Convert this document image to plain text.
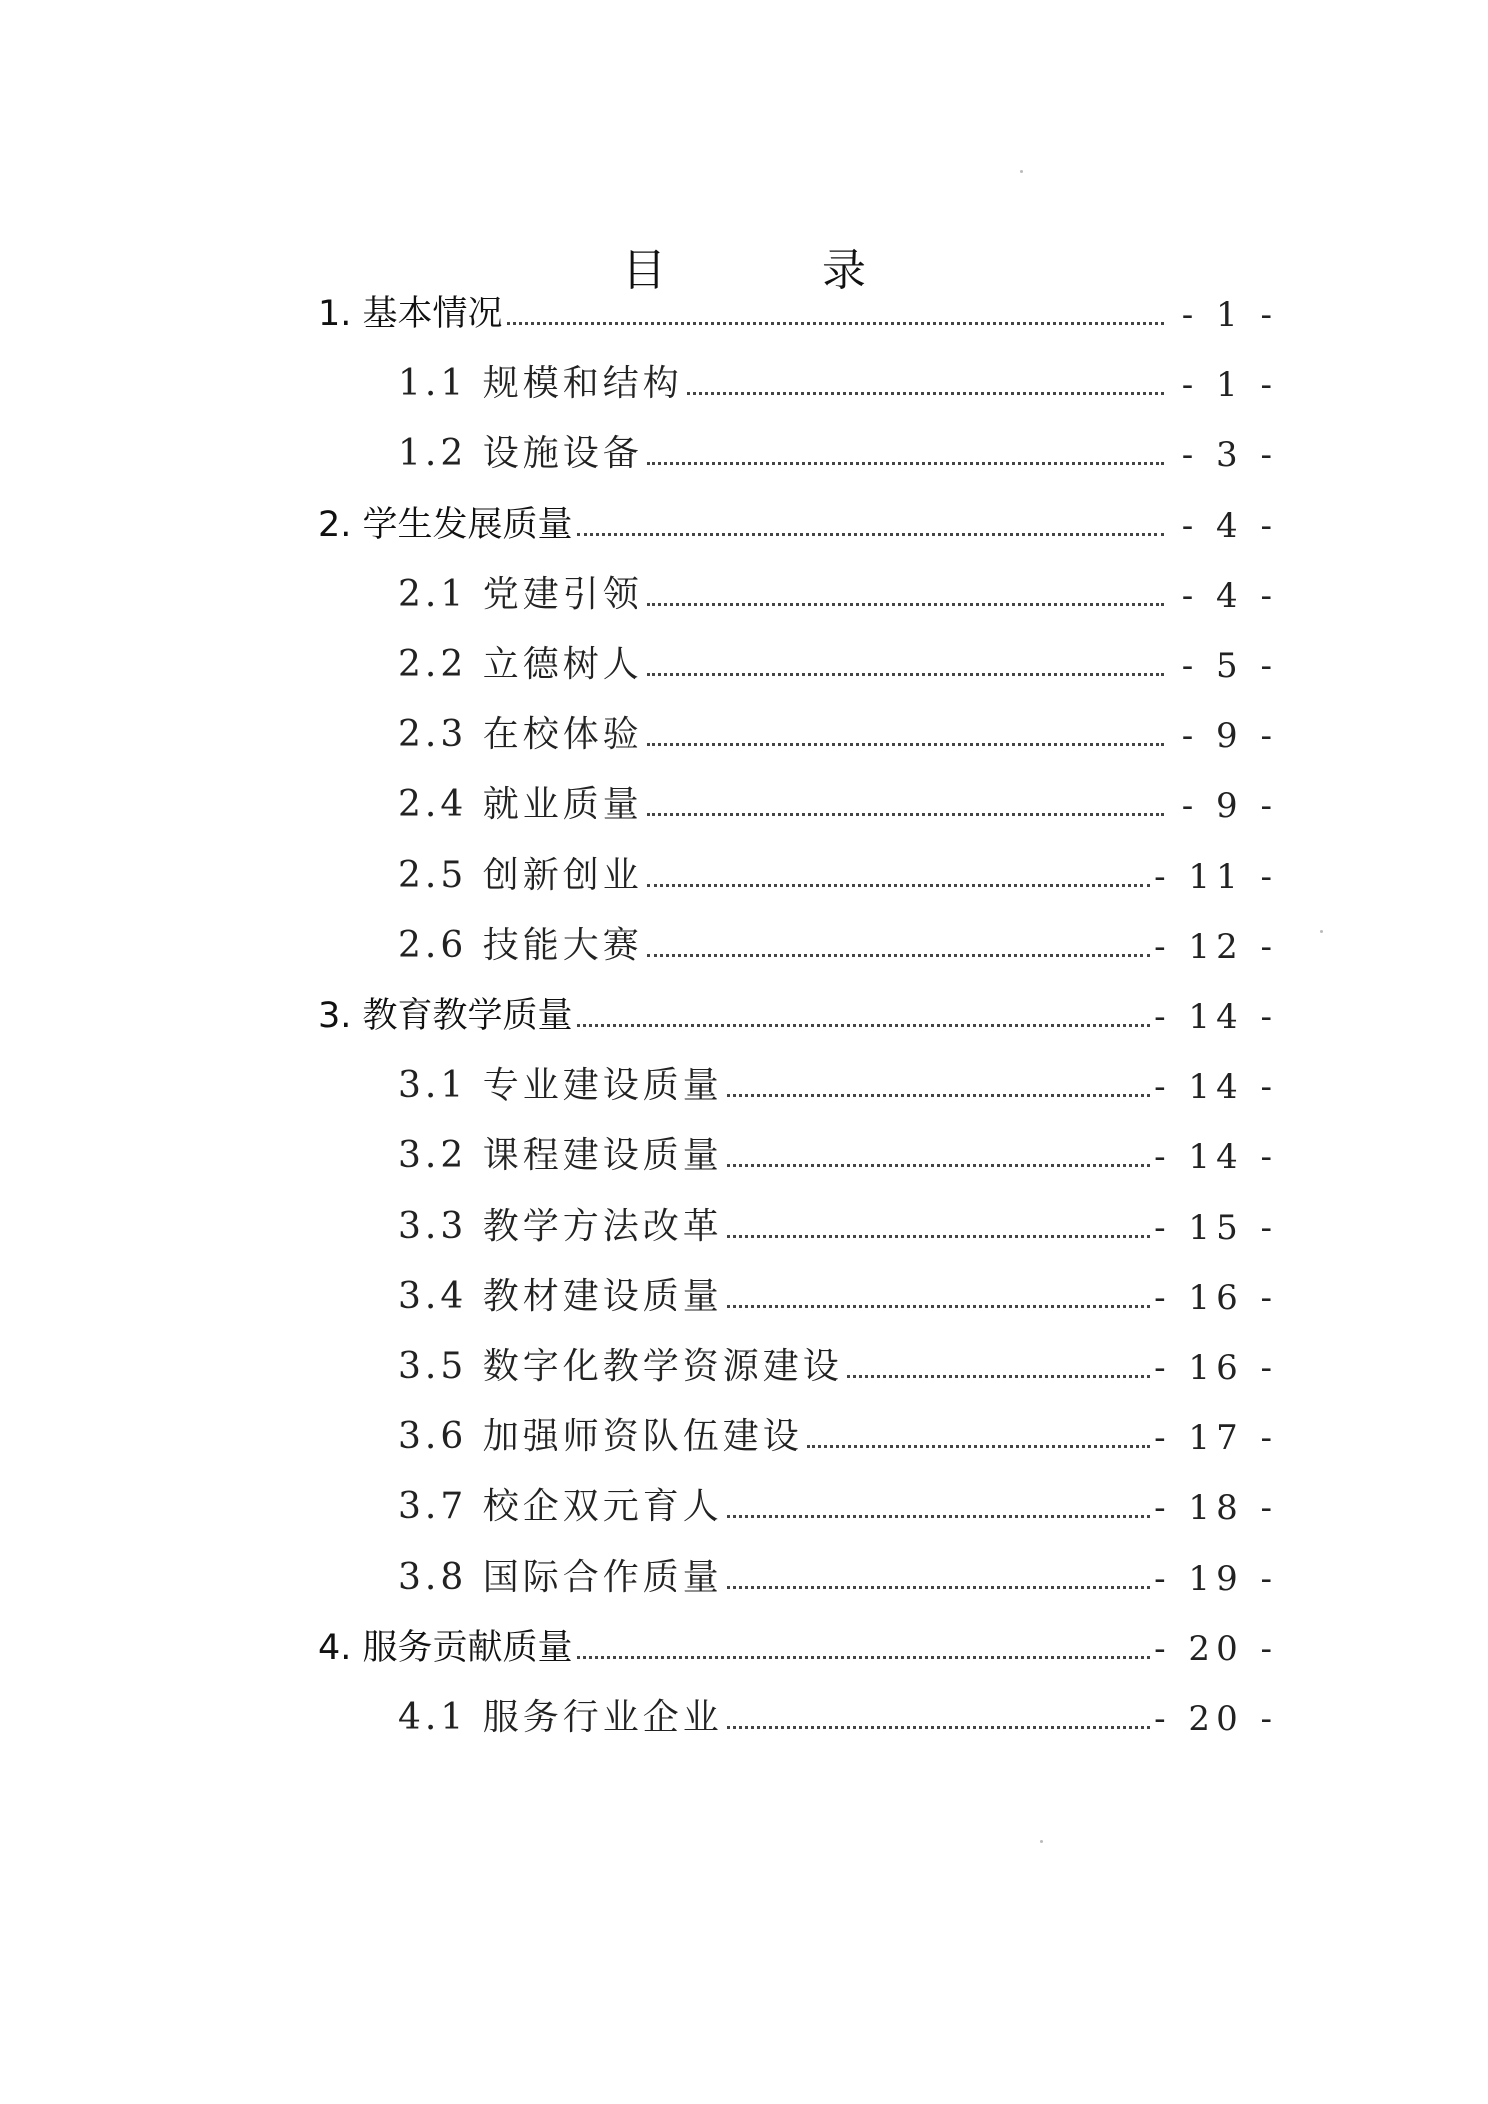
目　录
1. 基本情况	- 1 -
1.1 规模和结构	- 1 -
1.2 设施设备	- 3 -
2. 学生发展质量	- 4 -
2.1 党建引领	- 4 -
2.2 立德树人	- 5 -
2.3 在校体验	- 9 -
2.4 就业质量	- 9 -
2.5 创新创业	- 11 -
2.6 技能大赛	- 12 -
3. 教育教学质量	- 14 -
3.1 专业建设质量	- 14 -
3.2 课程建设质量	- 14 -
3.3 教学方法改革	- 15 -
3.4 教材建设质量	- 16 -
3.5 数字化教学资源建设	- 16 -
3.6 加强师资队伍建设	- 17 -
3.7 校企双元育人	- 18 -
3.8 国际合作质量	- 19 -
4. 服务贡献质量	- 20 -
4.1 服务行业企业	- 20 -
